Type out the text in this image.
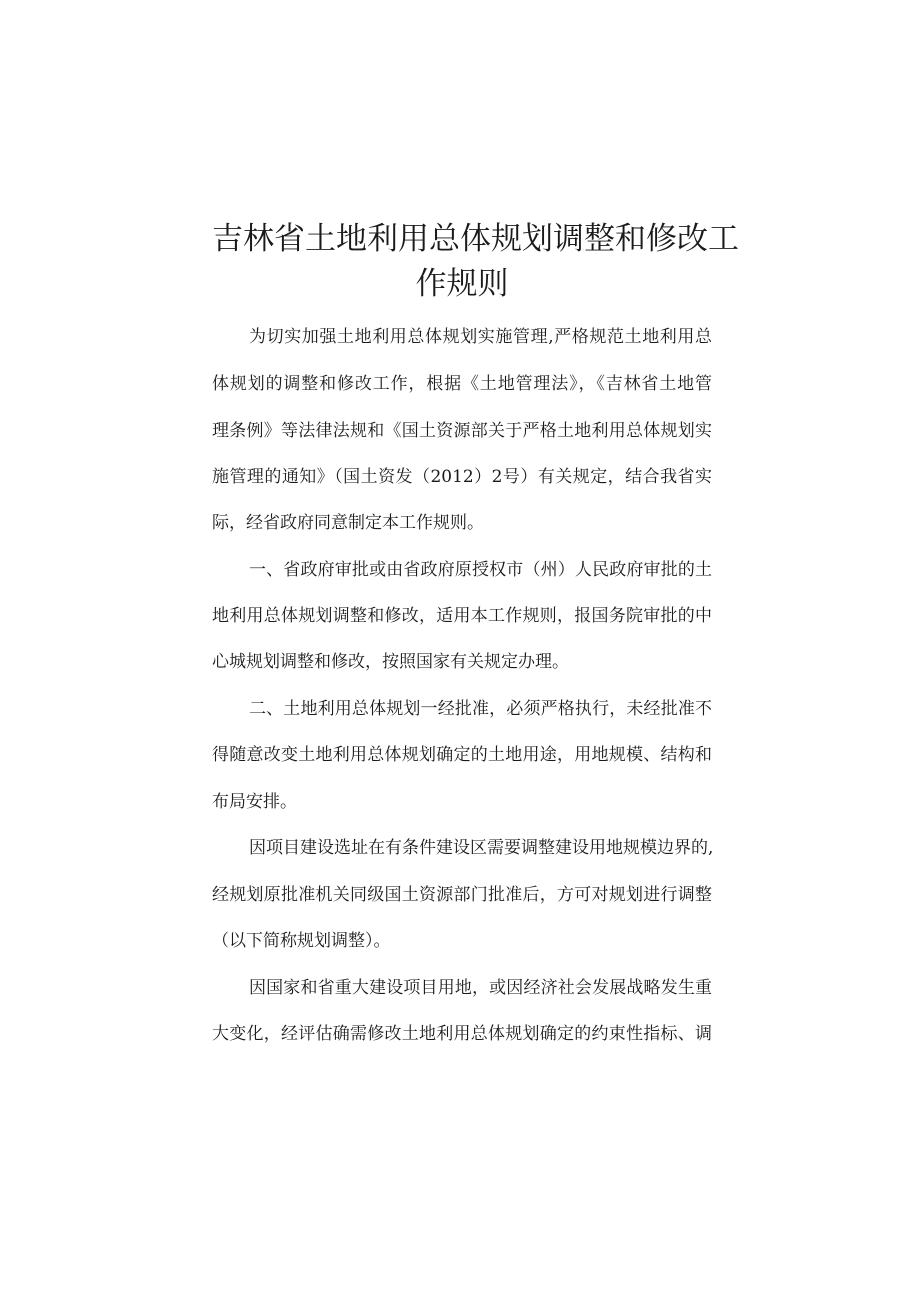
吉林省土地利用总体规划调整和修改工
作规则

为切实加强土地利用总体规划实施管理,严格规范土地利用总

体规划的调整和修改工作，根据《土地管理法》，《吉林省土地管

理条例》等法律法规和《国土资源部关于严格土地利用总体规划实

施管理的通知》（国土资发（2012）2号）有关规定，结合我省实

际，经省政府同意制定本工作规则。

一、省政府审批或由省政府原授权市（州）人民政府审批的土

地利用总体规划调整和修改，适用本工作规则，报国务院审批的中

心城规划调整和修改，按照国家有关规定办理。

二、土地利用总体规划一经批准，必须严格执行，未经批准不

得随意改变土地利用总体规划确定的土地用途，用地规模、结构和

布局安排。

因项目建设选址在有条件建设区需要调整建设用地规模边界的,

经规划原批准机关同级国土资源部门批准后，方可对规划进行调整

（以下简称规划调整）。

因国家和省重大建设项目用地，或因经济社会发展战略发生重

大变化，经评估确需修改土地利用总体规划确定的约束性指标、调
